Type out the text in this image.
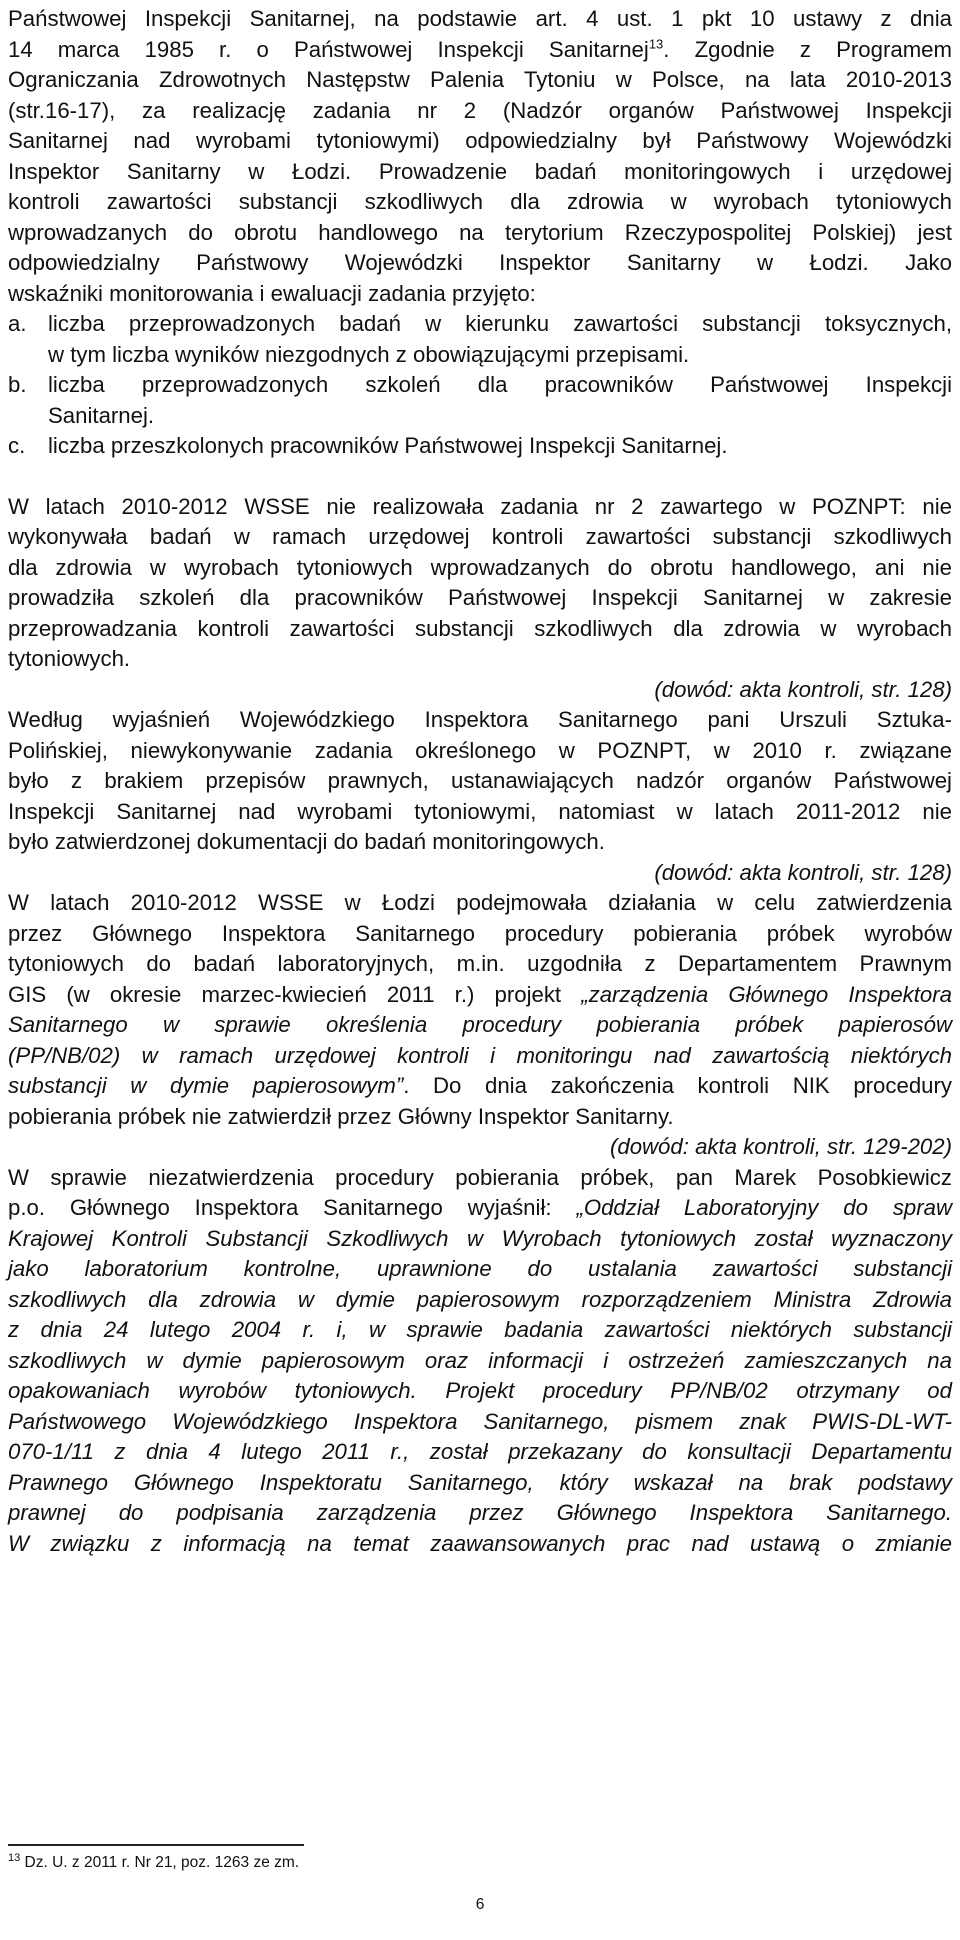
Państwowej Inspekcji Sanitarnej, na podstawie art. 4 ust. 1 pkt 10 ustawy z dnia
14 marca 1985 r. o Państwowej Inspekcji Sanitarnej$^{13}$. Zgodnie z Programem
Ograniczania Zdrowotnych Następstw Palenia Tytoniu w Polsce, na lata 2010-2013
(str.16-17), za realizację zadania nr 2 (Nadzór organów Państwowej Inspekcji
Sanitarnej nad wyrobami tytoniowymi) odpowiedzialny był Państwowy Wojewódzki
Inspektor Sanitarny w Łodzi. Prowadzenie badań monitoringowych i urzędowej
kontroli zawartości substancji szkodliwych dla zdrowia w wyrobach tytoniowych
wprowadzanych do obrotu handlowego na terytorium Rzeczypospolitej Polskiej) jest
odpowiedzialny Państwowy Wojewódzki Inspektor Sanitarny w Łodzi. Jako
wskaźniki monitorowania i ewaluacji zadania przyjęto:
a. liczba przeprowadzonych badań w kierunku zawartości substancji toksycznych,
w tym liczba wyników niezgodnych z obowiązującymi przepisami.
b. liczba przeprowadzonych szkoleń dla pracowników Państwowej Inspekcji
Sanitarnej.
c.	liczba przeszkolonych pracowników Państwowej Inspekcji Sanitarnej.
W latach 2010-2012 WSSE nie realizowała zadania nr 2 zawartego w POZNPT: nie
wykonywała badań w ramach urzędowej kontroli zawartości substancji szkodliwych
dla zdrowia w wyrobach tytoniowych wprowadzanych do obrotu handlowego, ani nie
prowadziła szkoleń dla pracowników Państwowej Inspekcji Sanitarnej w zakresie
przeprowadzania kontroli zawartości substancji szkodliwych dla zdrowia w wyrobach
tytoniowych.

(dowód: akta kontroli, str. 128)

Według wyjaśnień Wojewódzkiego Inspektora Sanitarnego pani Urszuli Sztuka-
Polińskiej, niewykonywanie zadania określonego w POZNPT, w 2010 r. związane
było z brakiem przepisów prawnych, ustanawiających nadzór organów Państwowej
Inspekcji Sanitarnej nad wyrobami tytoniowymi, natomiast w latach 2011-2012 nie
było zatwierdzonej dokumentacji do badań monitoringowych.

(dowód: akta kontroli, str. 128)

W latach 2010-2012 WSSE w Łodzi podejmowała działania w celu zatwierdzenia
przez Głównego Inspektora Sanitarnego procedury pobierania próbek wyrobów
tytoniowych do badań laboratoryjnych, m.in. uzgodniła z Departamentem Prawnym
GIS (w okresie marzec-kwiecień 2011 r.) projekt „zarządzenia Głównego Inspektora
Sanitarnego w sprawie określenia procedury pobierania próbek papierosów
(PP/NB/02) w ramach urzędowej kontroli i monitoringu nad zawartością niektórych
substancji w dymie papierosowym”. Do dnia zakończenia kontroli NIK procedury
pobierania próbek nie zatwierdził przez Główny Inspektor Sanitarny.

(dowód: akta kontroli, str. 129-202)

W sprawie niezatwierdzenia procedury pobierania próbek, pan Marek Posobkiewicz
p.o. Głównego Inspektora Sanitarnego wyjaśnił: „Oddział Laboratoryjny do spraw
Krajowej Kontroli Substancji Szkodliwych w Wyrobach tytoniowych został wyznaczony
jako laboratorium kontrolne, uprawnione do ustalania zawartości substancji
szkodliwych dla zdrowia w dymie papierosowym rozporządzeniem Ministra Zdrowia
z dnia 24 lutego 2004 r. i, w sprawie badania zawartości niektórych substancji
szkodliwych w dymie papierosowym oraz informacji i ostrzeżeń zamieszczanych na
opakowaniach wyrobów tytoniowych. Projekt procedury PP/NB/02 otrzymany od
Państwowego Wojewódzkiego Inspektora Sanitarnego, pismem znak PWIS-DL-WT-
070-1/11 z dnia 4 lutego 2011 r., został przekazany do konsultacji Departamentu
Prawnego Głównego Inspektoratu Sanitarnego, który wskazał na brak podstawy
prawnej do podpisania zarządzenia przez Głównego Inspektora Sanitarnego.
W związku z informacją na temat zaawansowanych prac nad ustawą o zmianie
$^{13}$ Dz. U. z 2011 r. Nr 21, poz. 1263 ze zm.
6
